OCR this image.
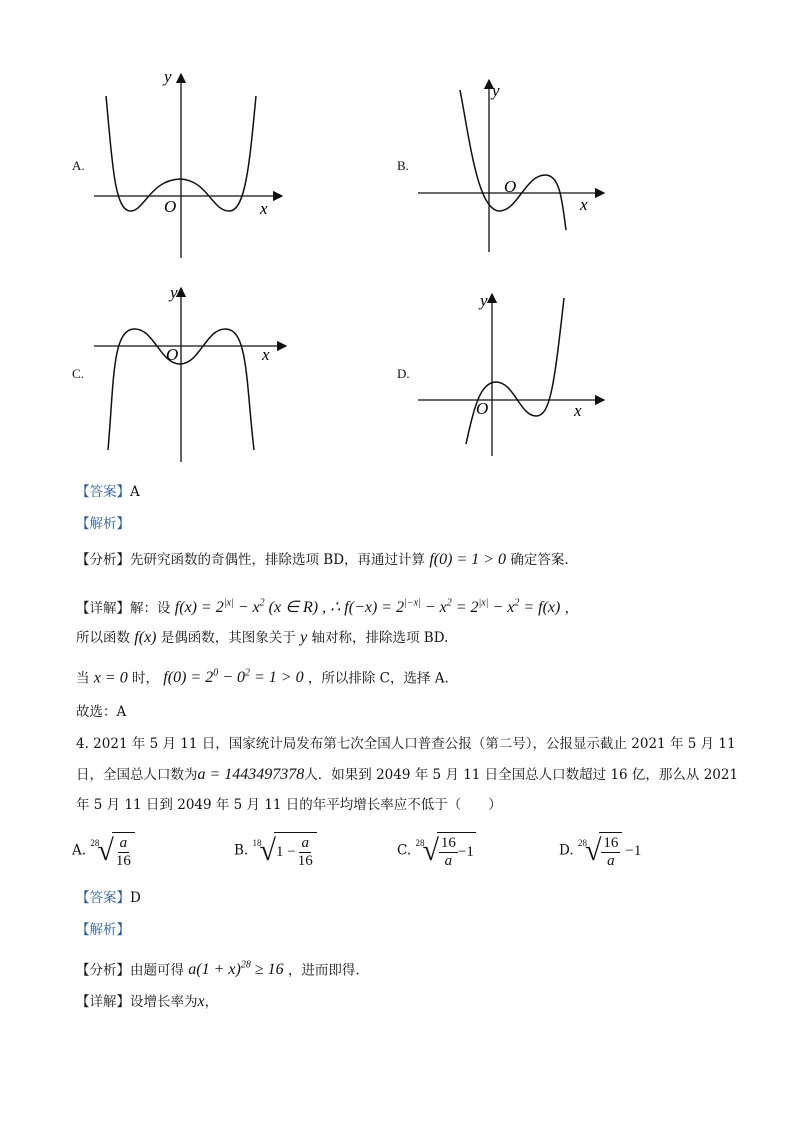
A.
y
O	x
B.
y
O
x
C.
y
O	x
D.
y
O	x
【答案】A
【解析】
【分析】先研究函数的奇偶性，排除选项 BD，再通过计算 f(0) = 1 > 0 确定答案.
【详解】解：设 $f(x) = 2^{|x|} - x^2$ (x ∈ R) , ∴ $f(-x) = 2^{|-x|} - x^2 = 2^{|x|} - x^2 = f(x)$ ，
所以函数 f(x) 是偶函数，其图象关于 y 轴对称，排除选项 BD.
当 x = 0 时， $f(0) = 2^0 - 0^2 = 1 > 0$ ，所以排除 C，选择 A.
故选：A
4. 2021 年 5 月 11 日，国家统计局发布第七次全国人口普查公报（第二号），公报显示截止 2021 年 5 月 11
日，全国总人口数为a = 1443497378人．如果到 2049 年 5 月 11 日全国总人口数超过 16 亿，那么从 2021
年 5 月 11 日到 2049 年 5 月 11 日的年平均增长率应不低于（　　）
A. 28
√ $\frac{a}{16}$	B. 18
√ $1 - \frac{a}{16}$	C. 28
√ $\frac{16}{a} -1$	D. 28
√ $\frac{16}{a} -1$
【答案】D
【解析】
【分析】由题可得 $a(1 + x)^{28} \ge 16$ ，进而即得.
【详解】设增长率为x，
